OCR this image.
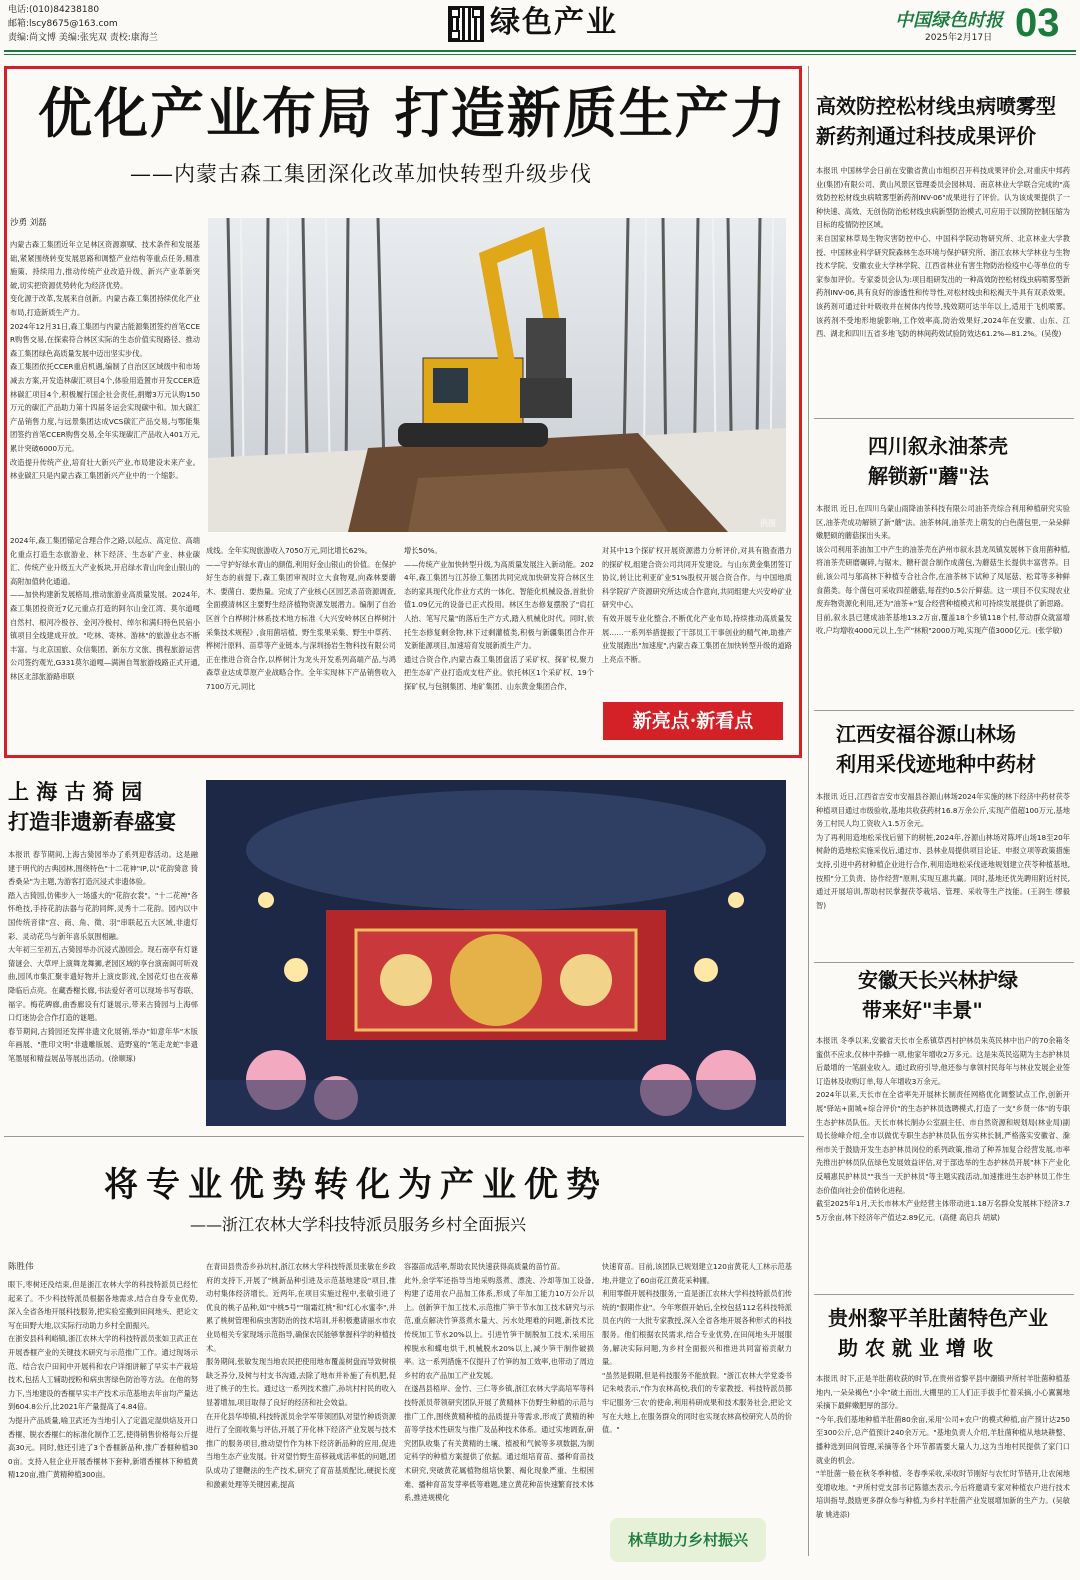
电话:(010)84238180
邮箱:lscy8675@163.com
责编:尚文博 美编:张宪双 责校:康海兰	绿色产业	中国绿色时报
2025年2月17日 03
优化产业布局 打造新质生产力
——内蒙古森工集团深化改革加快转型升级步伐
沙勇 刘磊
供图
内蒙古森工集团近年立足林区资源禀赋、技术条件和发展基础,紧紧围绕转变发展思路和调整产业结构等重点任务,精准施策、持续用力,推动传统产业改造升级、新兴产业革新突破,切实把资源优势转化为经济优势。
变化源于改革,发展来自创新。内蒙古森工集团持续优化产业布局,打造新质生产力。
2024年12月31日,森工集团与内蒙古能源集团签约首笔CCER购售交易,在探索符合林区实际的生态价值实现路径、推动森工集团绿色高质量发展中迈出坚实步伐。
森工集团依托CCER重启机遇,编制了自治区区域级中和市场减去方案,开发造林碳汇项目4个,体验用造置市开发CCER造林碳汇项目4个,积极履行国企社会责任,捐赠3万元认购150万元的碳汇产品助力第十四届冬运会实现碳中和。加大碳汇产品销售力度,与远景集团达成VCS碳汇产品交易,与鄂能集团签约首笔CCER购售交易,全年实现碳汇产品收入401万元,累计突破6000万元。
改造提升传统产业,培育壮大新兴产业,布局建设未来产业。林业碳汇只是内蒙古森工集团新兴产业中的一个缩影。
2024年,森工集团锚定合理合作之路,以起点、高定位、高端化重点打造生态旅游业、林下经济、生态矿产业、林业碳汇、传统产业升级五大产业板块,开启绿水青山向金山银山的高附加值转化通道。
——加快构建新发展格局,推动旅游业高质量发展。2024年,森工集团投资近7亿元重点打造的阿尔山金江湾、莫尔道嘎自然村、根河冷极谷、金河冷极村、绰尔和满归特色民宿小镇项目全线建成开放。"吃林、寄林、游林"的旅游业态不断丰富。与北京国旅、众信集团、新东方文旅、携程旅游运营公司签约观光,G331莫尔道嘎—满洲自驾旅游线路正式开通,林区北部旅游路串联
成线。全年实现旅游收入7050万元,同比增长62%。
——守护好绿水青山的颜值,利用好金山银山的价值。在保护好生态的前提下,森工集团审视时立大食物观,向森林要蘑木、要菌白、要热量。完成了产业核心区园艺杀苗资源调查,全面摸清林区主要野生经济植物资源发展潜力。编制了自治区首个白桦树汁林系技术地方标准《大兴安岭林区白桦树汁采集技术规程》,食用菌培植、野生浆果采集、野生中草药、桦树汁原料、苗草等产业链本,与深圳扬岩生物科技有限公司正在推进合资合作,以桦树汁为龙头开发系列高端产品,与鸿森草业达成草原产业战略合作。全年实现林下产品销售收入7100万元,同比
增长50%。
——传统产业加快转型升级,为高质量发展注入新动能。2024年,森工集团与江苏徐工集团共同完成加快研发符合林区生态的家具现代化作业方式的一体化、智能化机械设备,首批价值1.09亿元的设备已正式投用。林区生态修复摆脱了"肩扛人抬、笔写尺量"的落后生产方式,踏入机械化时代。同时,依托生态修复剩余物,林下过剩灌植类,积极与新疆集团合作开发新能源项目,加速培育发展新质生产力。
通过合资合作,内蒙古森工集团盘活了采矿权、探矿权,聚力把生态矿产业打造成支柱产业。依托林区1个采矿权、19个探矿权,与包钢集团、地矿集团、山东黄金集团合作,
对其中13个探矿权开展资源潜力分析评价,对具有勘查潜力的探矿权,组建合资公司共同开发建设。与山东黄金集团签订协议,转让比利亚矿业51%股权开展合资合作。与中国地质科学院矿产资源研究所达成合作意向,共同组建大兴安岭矿业研究中心。
有效开展专业化整合,不断优化产业布局,持续推动高质量发展……一系列举措提振了干部员工干事创业的精气神,助推产业发展跑出"加速度",内蒙古森工集团在加快转型升级的道路上亮点不断。
新亮点·新看点
高效防控松材线虫病喷雾型
新药剂通过科技成果评价
本报讯 中国林学会日前在安徽省黄山市组织召开科技成果评价会,对重庆中邦药业(集团)有限公司、黄山风景区管理委员会园林局、南京林业大学联合完成的"高效防控松材线虫病喷雾型新药剂INV-06"成果进行了评价。认为该成果提供了一种快速、高效、无创伤防治松材线虫病新型防治模式,可应用于以预防控制压缩为目标的疫情防控区域。
来自国家林草局生物灾害防控中心、中国科学院动物研究所、北京林业大学教授、中国林业科学研究院森林生态环境与保护研究所、浙江农林大学林业与生物技术学院、安徽农业大学林学院、江西省林业有害生物防治检疫中心等单位的专家参加评价。专家委员会认为:项目组研发出的一种高效防控松材线虫病喷雾型新药剂INV-06,具有良好的渗透性和传导性,对松材线虫和松褐天牛具有双杀效果。该药剂可通过针叶吸收并在树体内传导,残效期可达半年以上,适用于飞机喷雾。该药剂不受地形地貌影响,工作效率高,防治效果好,2024年在安徽、山东、江西、湖北和四川五省多地飞防的林间药效试验防效达61.2%—81.2%。(吴俊)
四川叙永油茶壳
解锁新"蘑"法
本报讯 近日,在四川乌蒙山雨降油茶科技有限公司油茶壳综合利用种植研究实验区,油茶壳成功解锁了新"蘑"法。油茶林间,油茶壳上萌发的白色菌包里,一朵朵鲜嫩肥硕的蘑菇探出头来。
该公司利用茶油加工中产生的油茶壳在泸州市叙永县龙凤镇发展林下食用菌种植,将油茶壳研磨碾碎,与锯末、糖秆混合制作成菌包,为蘑菇生长提供丰富营养。目前,该公司与邬高林下种植专合社合作,在油茶林下试种了凤尾菇、松茸等多种鲜食菌类。每个菌包可采收四茬蘑菇,每茬约0.5公斤鲜菇。这一项目不仅实现农业废弃物资源化利用,还为"油茶+"复合经营种植模式和可持续发展提供了新思路。
目前,叙永县已建成油茶基地13.2万亩,覆盖18个乡镇118个村,带动群众就富增收,户均增收4000元以上,生产"林粮"2000万吨,实现产值3000亿元。(张学敏)
江西安福谷源山林场
利用采伐迹地种中药材
本报讯 近日,江西省吉安市安福县谷源山林场2024年实施的林下经济中药材茯苓种植项目通过市级验收,基地共收获药材16.8万余公斤,实现产值超100万元,基地务工村民人均工资收入1.5万余元。
为了再利用造地松采伐后留下的树桩,2024年,谷源山林场对陈坪山场18至20年树龄的造地松实施采伐后,通过市、县林业局提供项目论证、申报立项等政策措施支持,引进中药材种植企业进行合作,利用造地松采伐迹地规划建立茯苓种植基地,按照"分工负责、协作经营"原则,实现互惠共赢。同时,基地还优先聘用附近村民,通过开展培训,帮助村民掌握茯苓栽培、管理、采收等生产技能。(王润生 缪毅智)
安徽天长兴林护绿
带来好"丰景"
本报讯 冬季以来,安徽省天长市全系镇草西村护林员朱英民林中出户的70余箱冬蜜供不应求,仅林中养蜂一项,他家年增收2万多元。这是朱英民巡期为主态护林员后最增的一笔副业收入。通过政府引导,他还参与拿领村民每年与林业发展企业签订造林及收购订单,每人年增收3万余元。
2024年以来,天长市在全省率先开展林长制责任网格优化调整试点工作,创新开展"驿站+面城+综合评价"的生态护林员选聘模式,打造了一支"乡贤一体"的专职生态护林员队伍。天长市林长制办公室副主任、市自然资源和规划局(林业局)副局长徐峰介绍,全市以做优专职生态护林员队伍夯实林长制,严格落实安徽省、滁州市关于鼓励开发生态护林员岗位的系列政策,推动了种养加复合经营发展,市率先推出护林员队伍绿色发展效益评估,对于部选举的生态护林员开展"林下产业化反哺惠民护林员""我当一天护林员"等主题实践活动,加速推进生态护林员工作生态价值向社会价值转化进程。
截至2025年1月,天长市林木产业经营主体带动进1.18万名群众发展林下经济3.75万余亩,林下经济年产值达2.89亿元。(高健 高启兵 胡斌)
贵州黎平羊肚菌特色产业
助 农 就 业 增 收
本报讯 时下,正是羊肚菌收获的时节,在贵州省黎平县中潮镇尹所村羊肚菌种植基地内,一朵朵褐色"小伞"破土而出,大棚里的工人们正手拔手忙着采摘,小心翼翼地采摘下最鲜嫩肥厚的部分。
"今年,我们基地种植羊肚菌80余亩,采用'公司+农户'的模式种植,亩产预计达250至300公斤,总产值预计240余万元。"基地负责人介绍,羊肚菌种植从地块耕整、播种选到田间管理,采摘等各个环节都需要大量人力,这为当地村民提供了家门口就业的机会。
"羊肚菌一般在秋冬季种植、冬春季采收,采收时节刚好与农忙时节错开,让农闲地变增收地。"尹所村党支部书记陈德杰表示,今后将邀请专家对种植农户进行技术培训指导,鼓励更多群众参与种植,为乡村羊肚菌产业发展增加新的生产力。(吴敏敏 姚进添)
上 海 古 猗 园
打造非遗新春盛宴
本报讯 春节期间,上海古猗园举办了系列迎春活动。这是融建于明代的古典园林,围绕特色"十二花神"IP,以"花韵猗意 猗香桑朵"为主题,为游客打造沉浸式非遗体验。
踏入古猗园,仿佛步入一场盛大的"花韵衣裳"。"十二花神"各怀绝技,手持花韵法器与花韵同辉,灵秀十二花韵。园内以中国传统音律"宫、商、角、徵、羽"串联起五大区域,非遗灯彩、灵动花鸟与新年喜乐氛围相融。
大年初三至初五,古猗园举办沉浸式游园会。现石南亭有灯谜猜谜会、大草坪上演舞龙舞狮,老园区域的享台演南阁可听戏曲,园风市集汇聚非遗好物并上演皮影戏,全园花灯也在夜幕降临后点亮。在藏香榭长廊,书法爱好者可以现场书写春联、福字。梅花碑廊,曲香廊设有灯谜展示,带来古猗园与上海邨口灯迷协会合作打造的谜题。
春节期间,古猗园还发挥非遗文化展销,举办"如意年华"木版年画展、"胜印文明"非遗雕版展、造野宴的"笔走龙蛇"非遗笔墨展和精益展品等展出活动。(徐顺琢)
将专业优势转化为产业优势
——浙江农林大学科技特派员服务乡村全面振兴
陈胜伟
眼下,枣树还没结束,但是浙江农林大学的科技特派员已经忙起来了。不少科技特派员根据各地需求,结合自身专业优势,深入全省各地开展科技服务,把实验室搬到田间地头、把论文写在田野大地,以实际行动助力乡村全面振兴。
在浙安县科利峪镇,浙江农林大学的科技特派员张如卫武正在开展香榧产业的关键技术研究与示范推广工作。通过现场示范、结合农户田间中开展科和农户详细讲解了早实丰产栽培技术,包括人工辅助授粉和病虫害绿色防治等方法。在他的努力下,当地建设的香榧早实丰产技术示范基地去年亩均产量达到604.8公斤,比2021年产量提高了4.84倍。
为提升产品质量,喻卫武还为当地引入了定温定湿烘焙及开口香榧、脱衣香榧仁的标准化制作工艺,使得销售价格每公斤提高30元。同时,他还引进了3个香榧新品种,推广香榧种植300亩。支持入驻企业开展香榧林下套种,新增香榧林下种植黄精120亩,推广黄精种植300亩。
在青田县贵岙乡孙坑村,浙江农林大学科技特派员张敏在乡政府的支持下,开展了"桃新品种引进及示范基地建设"项目,推动村集体经济增长。近两年,在项目实施过程中,张敏引进了优良的桃子品种,如"中桃5号""瑞霜红桃"和"红心水蜜李",并累了桃树管理和病虫害防治的技术培训,并积极邀请丽水市农业局相关专家现场示范指导,确保农民能够掌握科学的种植技术。
服务期间,张敏发现当地农民把使用地布覆盖树盘而导致树根缺乏养分,及树与村支书沟通,去除了地布并补施了有机肥,促进了桃子的生长。通过这一系列技术推广,孙坑村村民的收入显著增加,项目取得了良好的经济和社会效益。
在开化县华埠镇,科技特派员余学军带领团队对望竹种质资源进行了全面收集与评估,开展了开化林下经济产业发展与技术推广的服务项目,推动望竹作为林下经济新品种的应用,促进当地生态产业发展。针对望竹野生苗移栽成活率低的问题,团队成功了建鞭法的生产技术,研究了育苗基质配比,硬捉长度和激素处理等关键因素,提高
容器苗成活率,帮助农民快速获得高质量的苗竹苗。
此外,余学军还指导当地采购蒸煮、漂洗、冷却等加工设备,构建了适用农户品加工体系,形成了年加工能力10万公斤以上。创新笋干加工技术,示范推广笋干节水加工技术研究与示范,重点解决竹笋蒸煮水量大、污水处理难的问题,新技术比传统加工节水20%以上。引进竹笋干制脱加工技术,采用压榨脱水和蝶电烘干,机械脱水20%以上,减少笋干制作破损率。这一系列措施不仅提升了竹笋的加工效率,也带动了周边乡村的农产品加工产业发展。
在遂昌县梧岸、金竹、三仁等乡镇,浙江农林大学高培军等科技特派员带领研究团队开展了黄精林下仿野生种植的示范与推广工作,围绕黄精种植的品质提升等需求,形成了黄精的种苗等学技术性研发与推广及品种技术体系。通过实地调查,研究团队收集了有关黄精的土壤、植被和气候等多项数据,为制定科学的种植方案提供了依据。通过组培育苗、播种育苗技术研究,突破黄花属植物组培快繁、褐化现象严重、生根困难、播种育苗发芽率低等难题,建立黄花种苗快速繁育技术体系,推进规模化
快速育苗。目前,该团队已规划建立120亩黄花人工林示范基地,并建立了60亩花江黄花采种圃。
利用零假开展科技服务,一直是浙江农林大学科技特派员们传统的"假期作业"。今年寒假开始后,全校包括112名科技特派员在内的一大批专家教授,深入全省各地开展各种形式的科技服务。他们根据农民需求,结合专业优势,在田间地头开展服务,解决实际问题,为乡村全面振兴和推进共同富裕贡献力量。
"虽然是假期,但是科技服务不能放假。"浙江农林大学党委书记朱岐表示,"作为农林高校,我们的专家教授、科技特派员都牢记服务'三农'的使命,利用科研成果和技术服务社会,把论文写在大地上,在服务群众的同时也实现农林高校研究人员的价值。"
林草助力乡村振兴
